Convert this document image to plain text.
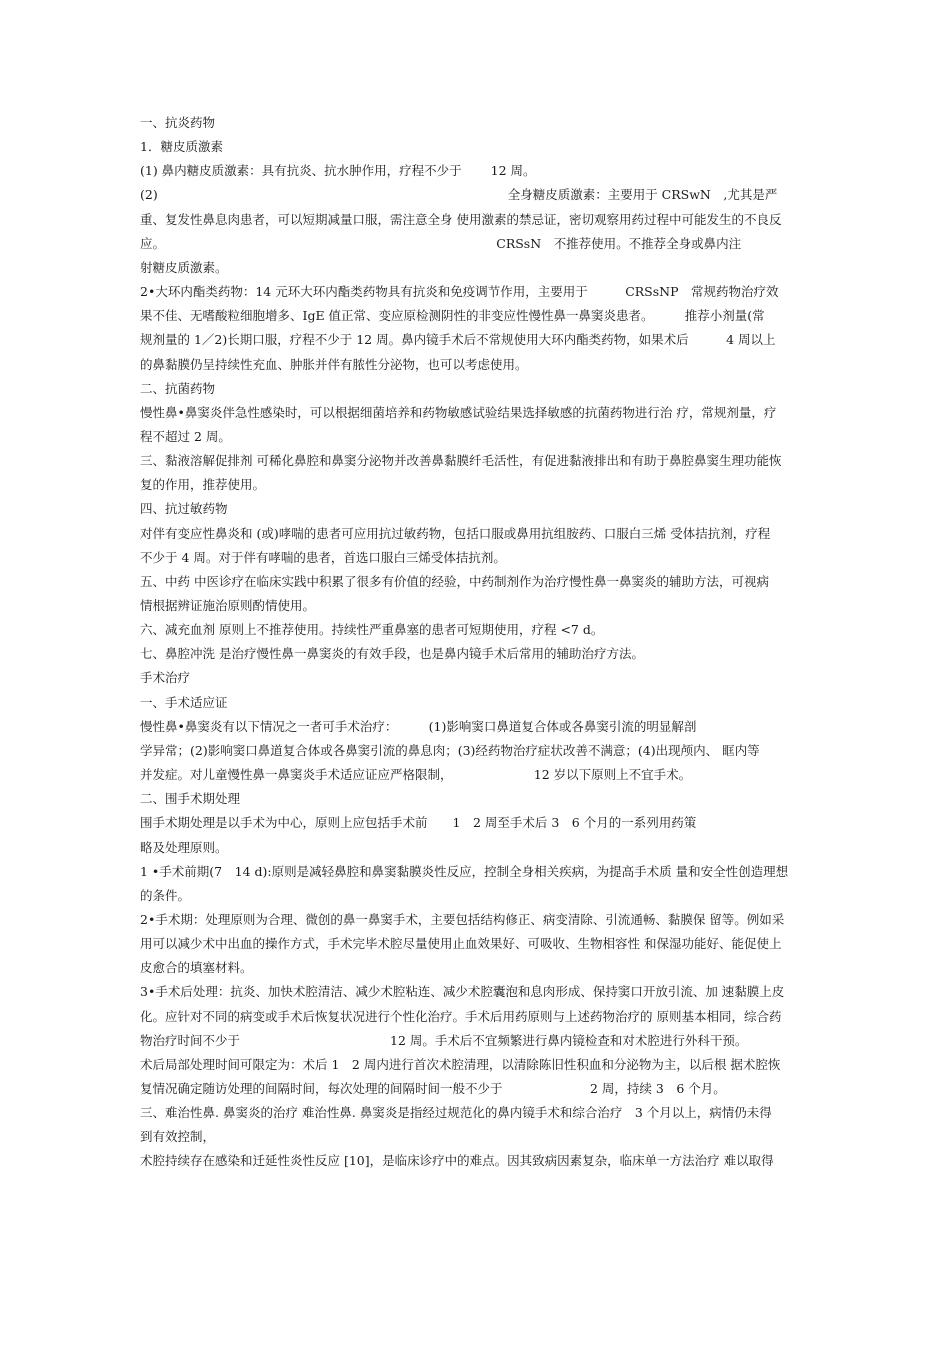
一、抗炎药物
1．糖皮质激素
(1) 鼻内糖皮质激素：具有抗炎、抗水肿作用，疗程不少于　　 12 周。
(2)　　　　　　　　　　　　　　　　　　　　　　　　　　　　全身糖皮质激素：主要用于 CRSwN　,尤其是严
重、复发性鼻息肉患者，可以短期减量口服，需注意全身 使用激素的禁忌证，密切观察用药过程中可能发生的不良反
应。　　　　　　　　　　　　　　　　　　　　　　　　　　　CRSsN　不推荐使用。不推荐全身或鼻内注
射糖皮质激素。
2•大环内酯类药物：14 元环大环内酯类药物具有抗炎和免疫调节作用，主要用于　　　CRSsNP　常规药物治疗效
果不佳、无嗜酸粒细胞增多、IgE 值正常、变应原检测阴性的非变应性慢性鼻一鼻窦炎患者。　　　推荐小剂量(常
规剂量的 1／2)长期口服，疗程不少于 12 周。鼻内镜手术后不常规使用大环内酯类药物，如果术后　　　4 周以上
的鼻黏膜仍呈持续性充血、肿胀并伴有脓性分泌物，也可以考虑使用。
二、抗菌药物
慢性鼻•鼻窦炎伴急性感染时，可以根据细菌培养和药物敏感试验结果选择敏感的抗菌药物进行治 疗，常规剂量，疗
程不超过 2 周。
三、黏液溶解促排剂 可稀化鼻腔和鼻窦分泌物并改善鼻黏膜纤毛活性，有促进黏液排出和有助于鼻腔鼻窦生理功能恢
复的作用，推荐使用。
四、抗过敏药物
对伴有变应性鼻炎和 (或)哮喘的患者可应用抗过敏药物，包括口服或鼻用抗组胺药、口服白三烯 受体拮抗剂，疗程
不少于 4 周。对于伴有哮喘的患者，首选口服白三烯受体拮抗剂。
五、中药 中医诊疗在临床实践中积累了很多有价值的经验，中药制剂作为治疗慢性鼻一鼻窦炎的辅助方法，可视病
情根据辨证施治原则酌情使用。
六、减充血剂 原则上不推荐使用。持续性严重鼻塞的患者可短期使用，疗程 <7 d。
七、鼻腔冲洗 是治疗慢性鼻一鼻窦炎的有效手段，也是鼻内镜手术后常用的辅助治疗方法。
手术治疗
一、手术适应证
慢性鼻•鼻窦炎有以下情况之一者可手术治疗：　　　(1)影响窦口鼻道复合体或各鼻窦引流的明显解剖
学异常；(2)影响窦口鼻道复合体或各鼻窦引流的鼻息肉；(3)经药物治疗症状改善不满意；(4)出现颅内、 眶内等
并发症。对儿童慢性鼻一鼻窦炎手术适应证应严格限制，　　　　　　　12 岁以下原则上不宜手术。
二、围手术期处理
围手术期处理是以手术为中心，原则上应包括手术前　　1　2 周至手术后 3　6 个月的一系列用药策
略及处理原则。
1 •手术前期(7　14 d):原则是减轻鼻腔和鼻窦黏膜炎性反应，控制全身相关疾病，为提高手术质 量和安全性创造理想
的条件。
2•手术期：处理原则为合理、微创的鼻一鼻窦手术，主要包括结构修正、病变清除、引流通畅、黏膜保 留等。例如采
用可以减少术中出血的操作方式，手术完毕术腔尽量使用止血效果好、可吸收、生物相容性 和保湿功能好、能促使上
皮愈合的填塞材料。
3•手术后处理：抗炎、加快术腔清洁、减少术腔粘连、减少术腔囊泡和息肉形成、保持窦口开放引流、加 速黏膜上皮
化。应针对不同的病变或手术后恢复状况进行个性化治疗。手术后用药原则与上述药物治疗的 原则基本相同，综合药
物治疗时间不少于　　　　　　　　　　　　12 周。手术后不宜频繁进行鼻内镜检查和对术腔进行外科干预。
术后局部处理时间可限定为：术后 1　2 周内进行首次术腔清理，以清除陈旧性积血和分泌物为主，以后根 据术腔恢
复情况确定随访处理的间隔时间，每次处理的间隔时间一般不少于　　　　　　　2 周，持续 3　6 个月。
三、难治性鼻. 鼻窦炎的治疗 难治性鼻. 鼻窦炎是指经过规范化的鼻内镜手术和综合治疗　3 个月以上，病情仍未得
到有效控制，
术腔持续存在感染和迁延性炎性反应 [10]，是临床诊疗中的难点。因其致病因素复杂，临床单一方法治疗 难以取得
